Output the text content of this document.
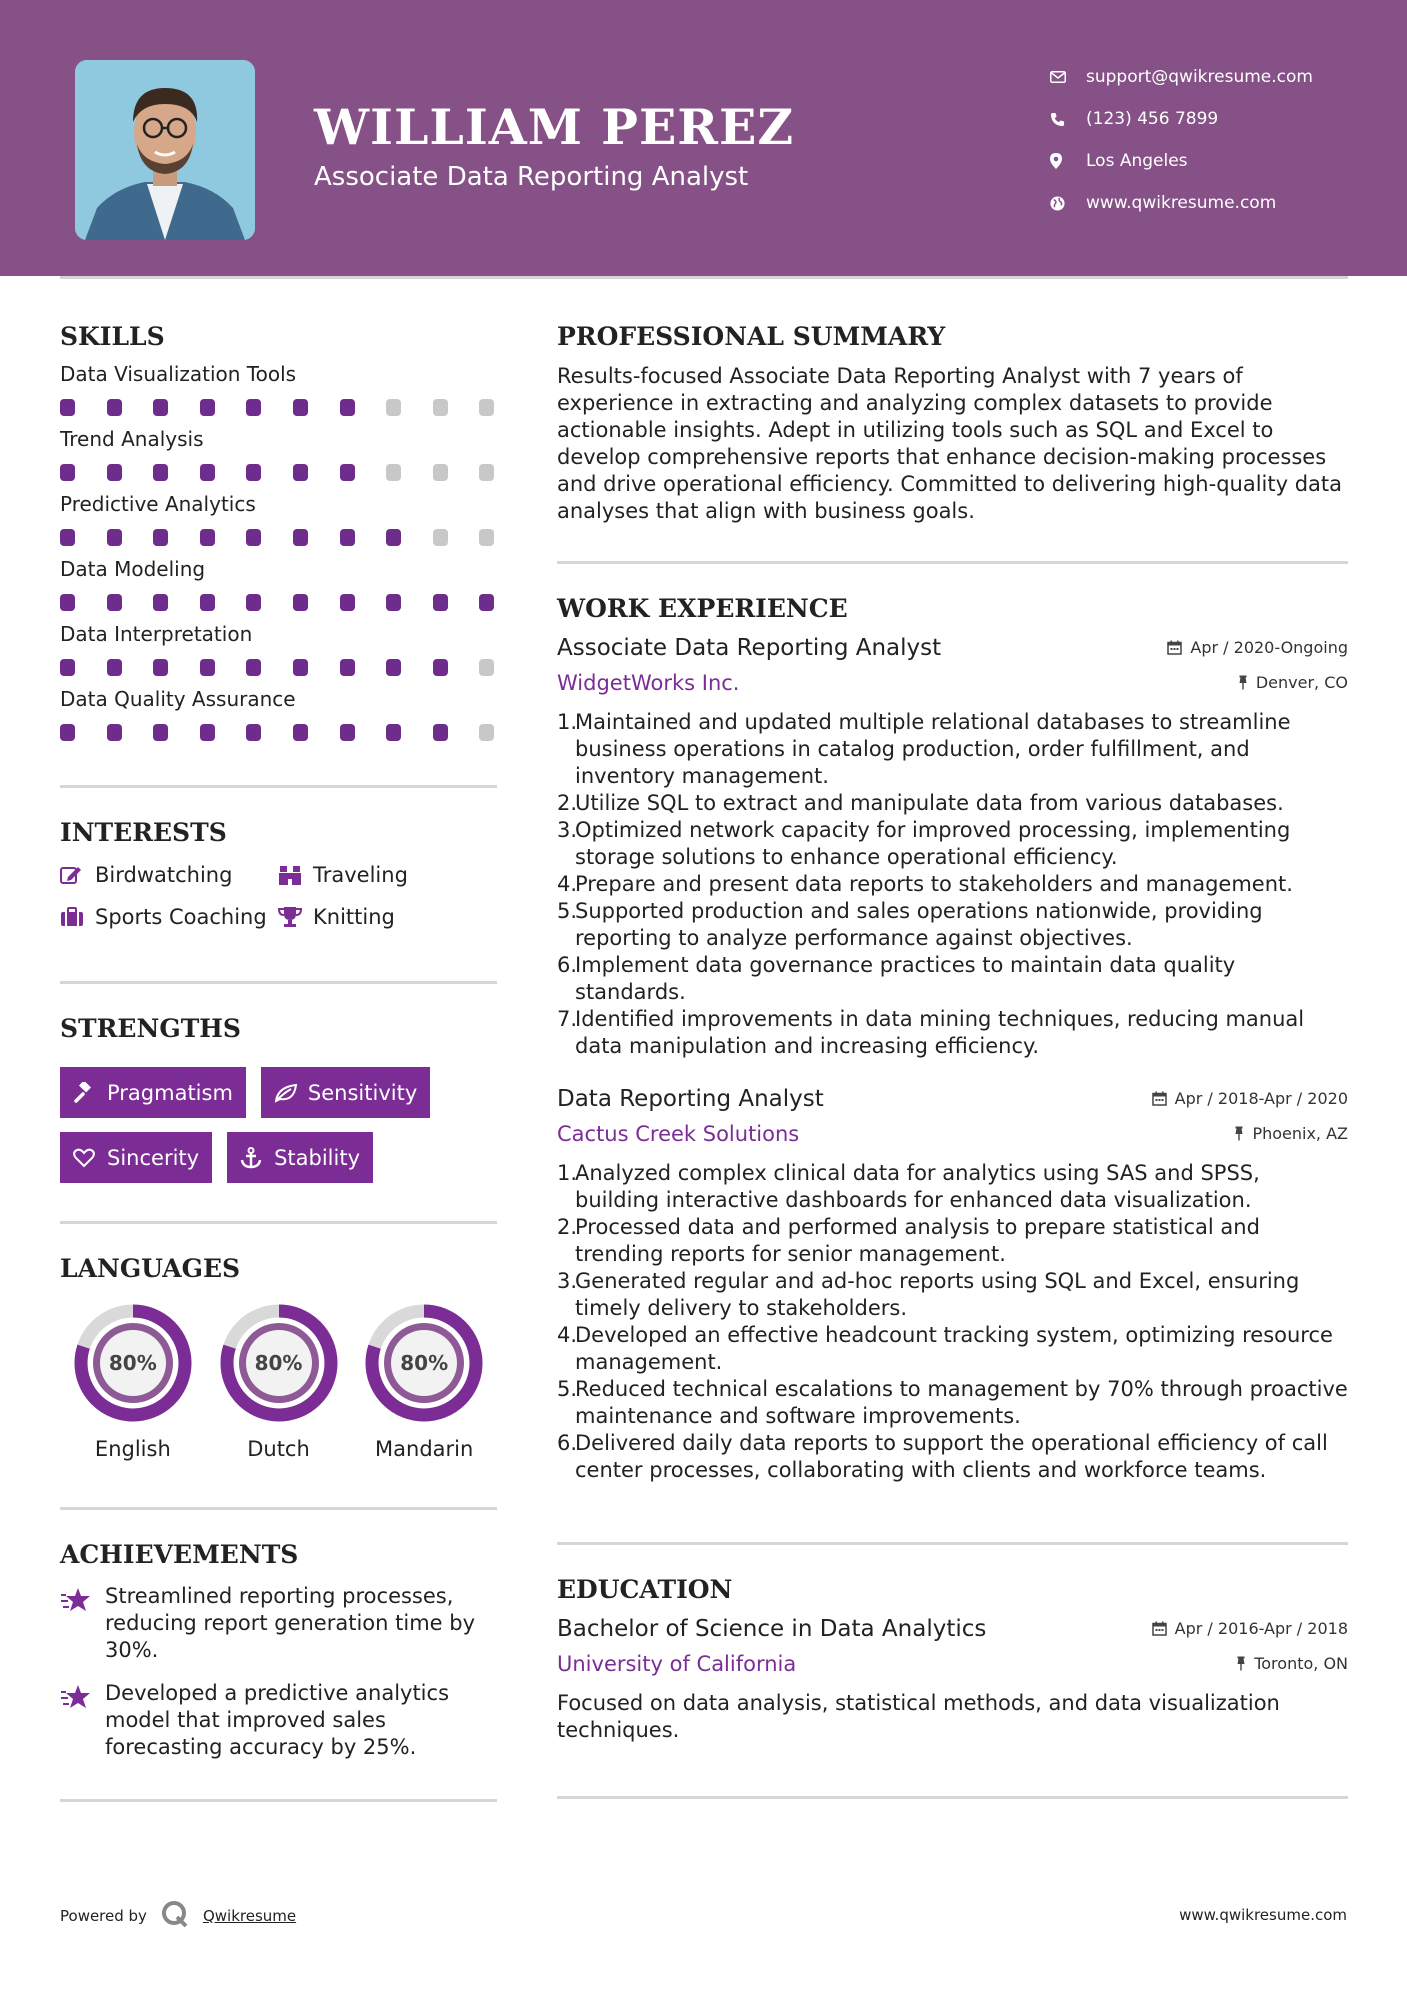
WILLIAM PEREZ
Associate Data Reporting Analyst
support@qwikresume.com
(123) 456 7899
Los Angeles
www.qwikresume.com
SKILLS
Data Visualization Tools
Trend Analysis
Predictive Analytics
Data Modeling
Data Interpretation
Data Quality Assurance
INTERESTS
Birdwatching	Traveling
Sports Coaching Knitting
STRENGTHS
Pragmatism	Sensitivity
Sincerity	Stability
LANGUAGES
80%
English
80%
Dutch
80%
Mandarin
ACHIEVEMENTS
Streamlined reporting processes, reducing report generation time by 30%.
Developed a predictive analytics model that improved sales forecasting accuracy by 25%.
PROFESSIONAL SUMMARY
Results-focused Associate Data Reporting Analyst with 7 years of experience in extracting and analyzing complex datasets to provide actionable insights. Adept in utilizing tools such as SQL and Excel to develop comprehensive reports that enhance decision-making processes and drive operational efficiency. Committed to delivering high-quality data analyses that align with business goals.
WORK EXPERIENCE
Associate Data Reporting Analyst	Apr / 2020-Ongoing
WidgetWorks Inc.	Denver, CO
1.
Maintained and updated multiple relational databases to streamline business operations in catalog production, order fulfillment, and inventory management.
2.
Utilize SQL to extract and manipulate data from various databases.
3.
Optimized network capacity for improved processing, implementing storage solutions to enhance operational efficiency.
4.
Prepare and present data reports to stakeholders and management.
5.
Supported production and sales operations nationwide, providing reporting to analyze performance against objectives.
6.
Implement data governance practices to maintain data quality standards.
7.
Identified improvements in data mining techniques, reducing manual data manipulation and increasing efficiency.
Data Reporting Analyst	Apr / 2018-Apr / 2020
Cactus Creek Solutions	Phoenix, AZ
1.
Analyzed complex clinical data for analytics using SAS and SPSS, building interactive dashboards for enhanced data visualization.
2.
Processed data and performed analysis to prepare statistical and trending reports for senior management.
3.
Generated regular and ad-hoc reports using SQL and Excel, ensuring timely delivery to stakeholders.
4.
Developed an effective headcount tracking system, optimizing resource management.
5.
Reduced technical escalations to management by 70% through proactive maintenance and software improvements.
6.
Delivered daily data reports to support the operational efficiency of call center processes, collaborating with clients and workforce teams.
EDUCATION
Bachelor of Science in Data Analytics	Apr / 2016-Apr / 2018
University of California	Toronto, ON
Focused on data analysis, statistical methods, and data visualization techniques.
Powered by	Qwikresume	www.qwikresume.com
